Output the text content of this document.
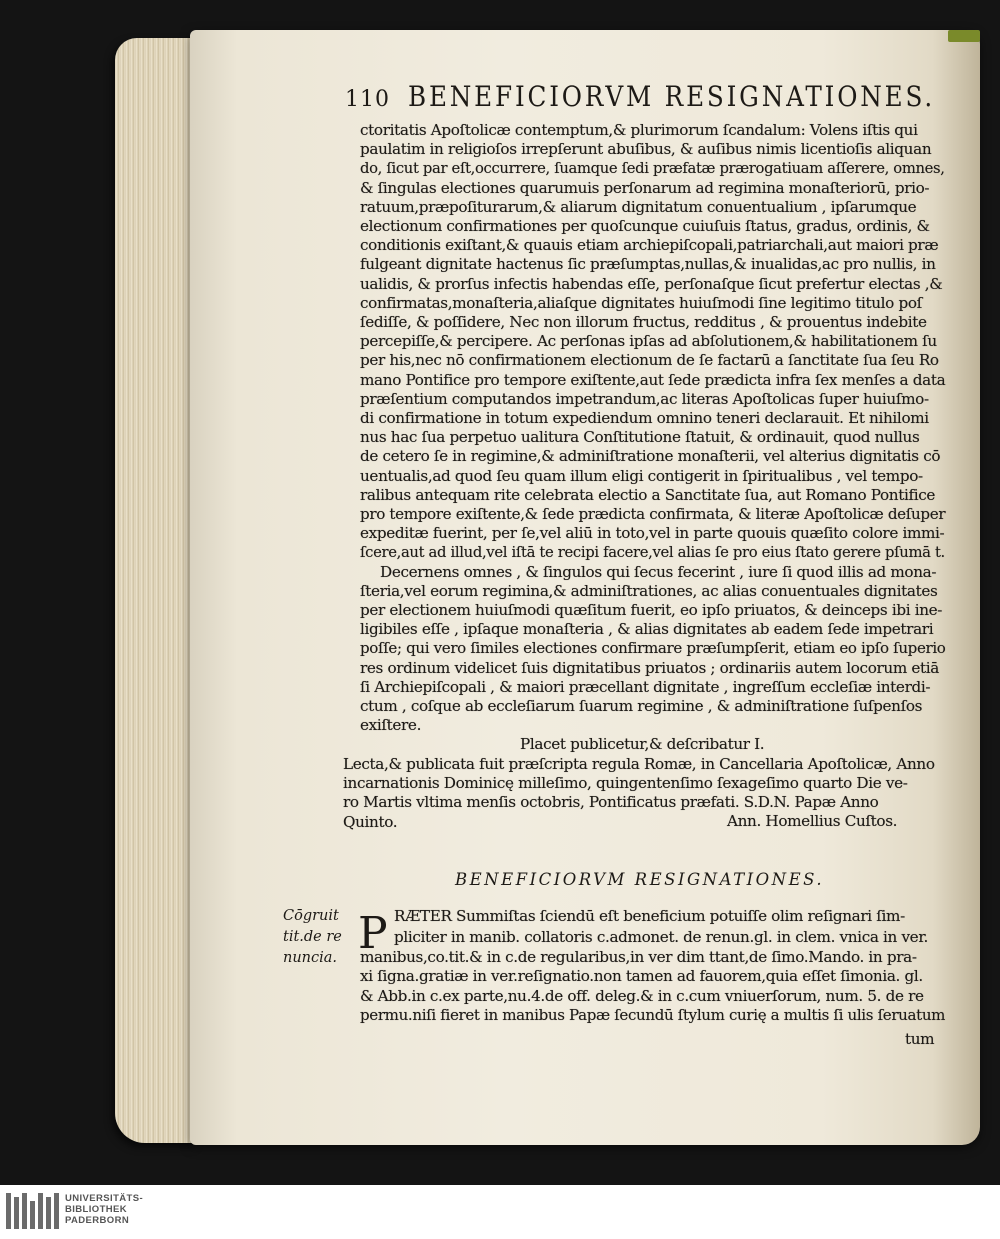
110 BENEFICIORVM RESIGNATIONES.
ctoritatis Apoſtolicæ contemptum,& plurimorum ſcandalum: Volens iſtis qui
paulatim in religioſos irrepſerunt abuſibus, & auſibus nimis licentioſis aliquan
do, ſicut par eſt,occurrere, ſuamque ſedi præfatæ prærogatiuam aſſerere, omnes,
& ſingulas electiones quarumuis perſonarum ad regimina monaſteriorū, prio-
ratuum,præpoſiturarum,& aliarum dignitatum conuentualium , ipſarumque
electionum confirmationes per quoſcunque cuiuſuis ſtatus, gradus, ordinis, &
conditionis exiſtant,& quauis etiam archiepiſcopali,patriarchali,aut maiori præ
fulgeant dignitate hactenus ſic præſumptas,nullas,& inualidas,ac pro nullis, in
ualidis, & prorſus infectis habendas eſſe, perſonaſque ſicut prefertur electas ,&
confirmatas,monaſteria,aliaſque dignitates huiuſmodi ſine legitimo titulo poſ
ſediſſe, & poſſidere, Nec non illorum fructus, redditus , & prouentus indebite
percepiſſe,& percipere. Ac perſonas ipſas ad abſolutionem,& habilitationem ſu
per his,nec nō confirmationem electionum de ſe factarū a ſanctitate ſua ſeu Ro
mano Pontifice pro tempore exiſtente,aut ſede prædicta infra ſex menſes a data
præſentium computandos impetrandum,ac literas Apoſtolicas ſuper huiuſmo-
di confirmatione in totum expediendum omnino teneri declarauit. Et nihilomi
nus hac ſua perpetuo ualitura Conſtitutione ſtatuit, & ordinauit, quod nullus
de cetero ſe in regimine,& adminiſtratione monaſterii, vel alterius dignitatis cō
uentualis,ad quod ſeu quam illum eligi contigerit in ſpiritualibus , vel tempo-
ralibus antequam rite celebrata electio a Sanctitate ſua, aut Romano Pontifice
pro tempore exiſtente,& ſede prædicta confirmata, & literæ Apoſtolicæ deſuper
expeditæ fuerint, per ſe,vel aliū in toto,vel in parte quouis quæſito colore immi-
ſcere,aut ad illud,vel iſtā te recipi facere,vel alias ſe pro eius ſtato gerere pſumā t.
Decernens omnes , & ſingulos qui ſecus fecerint , iure ſi quod illis ad mona-
ſteria,vel eorum regimina,& adminiſtrationes, ac alias conuentuales dignitates
per electionem huiuſmodi quæſitum fuerit, eo ipſo priuatos, & deinceps ibi ine-
ligibiles eſſe , ipſaque monaſteria , & alias dignitates ab eadem ſede impetrari
poſſe; qui vero ſimiles electiones confirmare præſumpſerit, etiam eo ipſo ſuperio
res ordinum videlicet ſuis dignitatibus priuatos ; ordinariis autem locorum etiā
ſi Archiepiſcopali , & maiori præcellant dignitate , ingreſſum eccleſiæ interdi-
ctum , coſque ab eccleſiarum ſuarum regimine , & adminiſtratione ſuſpenſos
exiſtere.
Placet publicetur,& deſcribatur I.
Lecta,& publicata fuit præſcripta regula Romæ, in Cancellaria Apoſtolicæ, Anno
incarnationis Dominicę milleſimo, quingentenſimo ſexageſimo quarto Die ve-
ro Martis vltima menſis octobris, Pontificatus præfati. S.D.N. Papæ Anno
Quinto.	Ann. Homellius Cuſtos.
BENEFICIORVM RESIGNATIONES.
Cōgruit
tit.de re
nuncia. P RÆTER Summiſtas ſciendū eſt beneficium potuiſſe olim reſignari ſim-
pliciter in manib. collatoris c.admonet. de renun.gl. in clem. vnica in ver.
manibus,co.tit.& in c.de regularibus,in ver dim ttant,de ſimo.Mando. in pra-
xi ſigna.gratiæ in ver.reſignatio.non tamen ad fauorem,quia eſſet ſimonia. gl.
& Abb.in c.ex parte,nu.4.de off. deleg.& in c.cum vniuerſorum, num. 5. de re
permu.niſi fieret in manibus Papæ ſecundū ſtylum curię a multis ſi ulis ſeruatum
tum
UNIVERSITÄTS-
BIBLIOTHEK
PADERBORN
